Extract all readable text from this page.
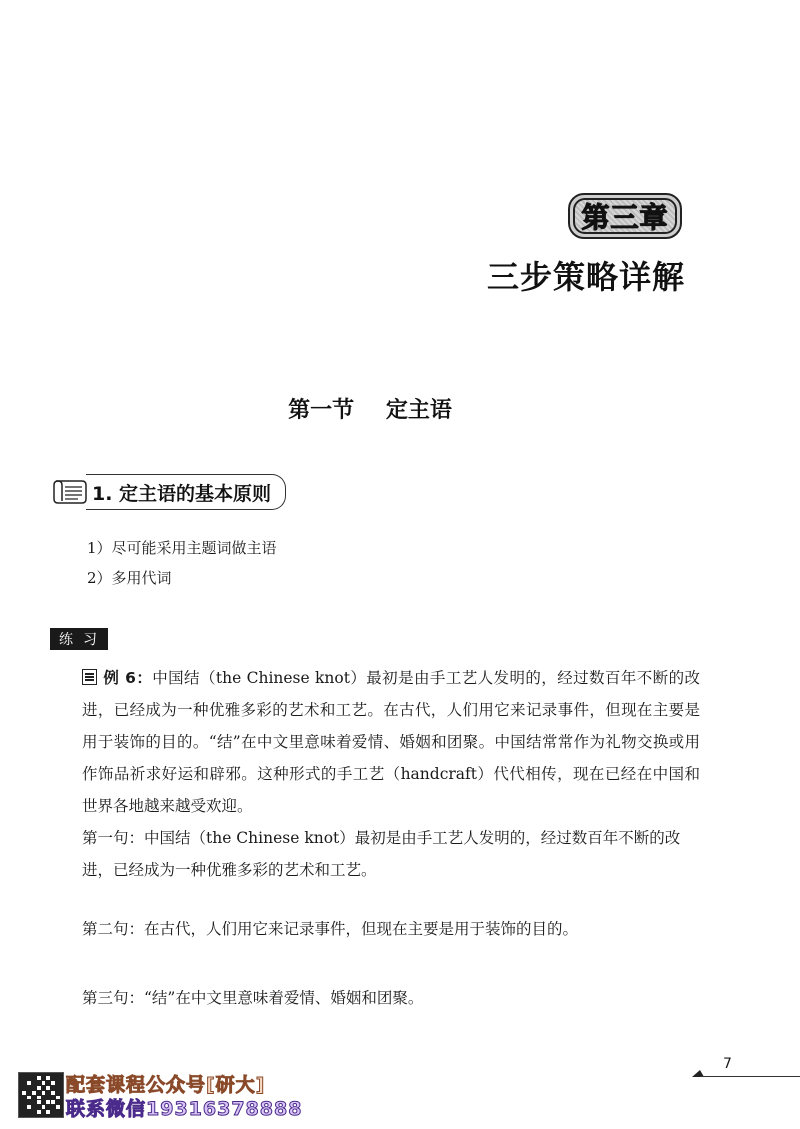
第三章
三步策略详解
第一节 定主语
1. 定主语的基本原则
1）尽可能采用主题词做主语
2）多用代词
练习
例 6：中国结（the Chinese knot）最初是由手工艺人发明的，经过数百年不断的改进，已经成为一种优雅多彩的艺术和工艺。在古代，人们用它来记录事件，但现在主要是用于装饰的目的。“结”在中文里意味着爱情、婚姻和团聚。中国结常常作为礼物交换或用作饰品祈求好运和辟邪。这种形式的手工艺（handcraft）代代相传，现在已经在中国和世界各地越来越受欢迎。
第一句：中国结（the Chinese knot）最初是由手工艺人发明的，经过数百年不断的改进，已经成为一种优雅多彩的艺术和工艺。
第二句：在古代，人们用它来记录事件，但现在主要是用于装饰的目的。
第三句：“结”在中文里意味着爱情、婚姻和团聚。
7
配套课程公众号[研大]
联系微信19316378888
